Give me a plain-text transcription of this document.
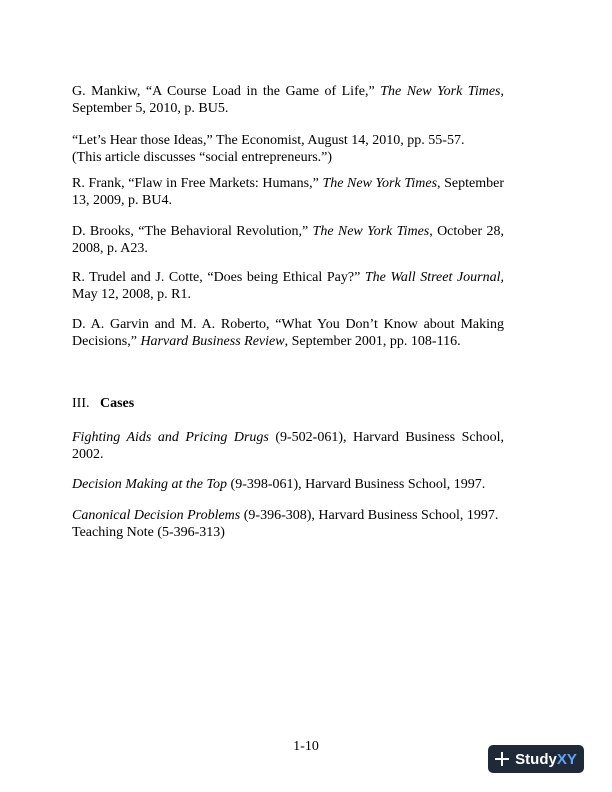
G. Mankiw, “A Course Load in the Game of Life,” The New York Times, September 5, 2010, p. BU5.

“Let’s Hear those Ideas,” The Economist, August 14, 2010, pp. 55-57.

(This article discusses “social entrepreneurs.”)

R. Frank, “Flaw in Free Markets: Humans,” The New York Times, September 13, 2009, p. BU4.

D. Brooks, “The Behavioral Revolution,” The New York Times, October 28, 2008, p. A23.

R. Trudel and J. Cotte, “Does being Ethical Pay?” The Wall Street Journal, May 12, 2008, p. R1.

D. A. Garvin and M. A. Roberto, “What You Don’t Know about Making Decisions,” Harvard Business Review, September 2001, pp. 108-116.

III. Cases

Fighting Aids and Pricing Drugs (9-502-061), Harvard Business School, 2002.

Decision Making at the Top (9-398-061), Harvard Business School, 1997.

Canonical Decision Problems (9-396-308), Harvard Business School, 1997.

Teaching Note (5-396-313)

1-10
StudyXY
